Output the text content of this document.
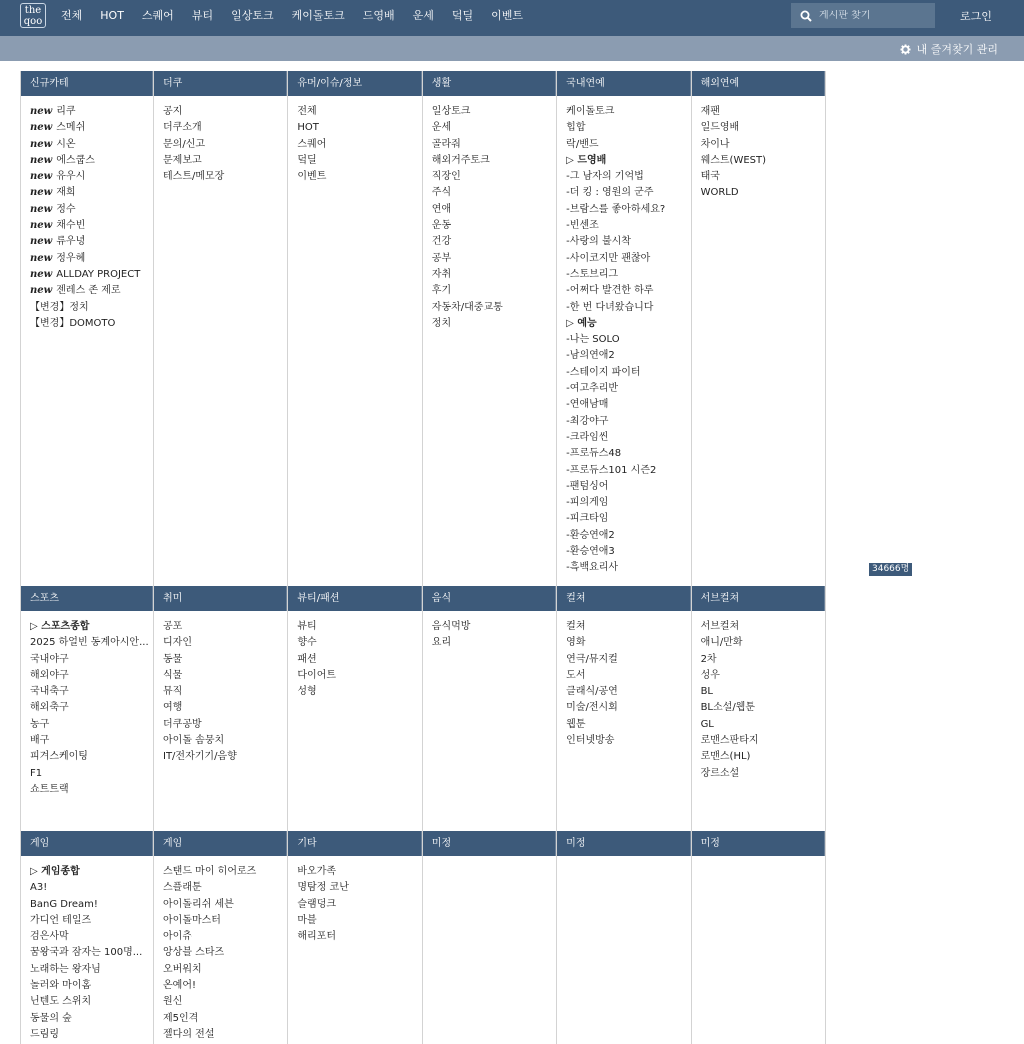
the
qoo	전체	HOT	스퀘어	뷰티	일상토크	케이돌토크	드영배	운세	덬딜	이벤트
게시판 찾기	로그인
내 즐겨찾기 관리
신규카테
new 리쿠
new 스메쉬
new 시온
new 에스쿱스
new 유우시
new 재희
new 정수
new 채수빈
new 류우녕
new 정우혜
new ALLDAY PROJECT
new 젠레스 존 제로
【변경】정치
【변경】DOMOTO
더쿠
공지
더쿠소개
문의/신고
문제보고
테스트/메모장
유머/이슈/정보
전체
HOT
스퀘어
덬딜
이벤트
생활
일상토크
운세
골라줘
해외거주토크
직장인
주식
연애
운동
건강
공부
자취
후기
자동차/대중교통
정치
국내연예
케이돌토크
힙합
락/밴드
▷ 드영배
-그 남자의 기억법
-더 킹 : 영원의 군주
-브람스를 좋아하세요?
-빈센조
-사랑의 불시착
-사이코지만 괜찮아
-스토브리그
-어쩌다 발견한 하루
-한 번 다녀왔습니다
▷ 예능
-나는 SOLO
-남의연애2
-스테이지 파이터
-여고추리반
-연애남매
-최강야구
-크라임씬
-프로듀스48
-프로듀스101 시즌2
-팬텀싱어
-피의게임
-피크타임
-환승연애2
-환승연애3
-흑백요리사
해외연예
재팬
일드영배
차이나
웨스트(WEST)
태국
WORLD
스포츠
▷ 스포츠종합
2025 하얼빈 동계아시안...
국내야구
해외야구
국내축구
해외축구
농구
배구
피겨스케이팅
F1
쇼트트랙
취미
공포
디자인
동물
식물
뮤직
여행
더쿠공방
아이돌 솜뭉치
IT/전자기기/음향
뷰티/패션
뷰티
향수
패션
다이어트
성형
음식
음식먹방
요리
컬쳐
컬쳐
영화
연극/뮤지컬
도서
클래식/공연
미술/전시회
웹툰
인터넷방송
서브컬쳐
서브컬쳐
애니/만화
2차
성우
BL
BL소설/웹툰
GL
로맨스판타지
로맨스(HL)
장르소설
게임
▷ 게임종합
A3!
BanG Dream!
가디언 테일즈
검은사막
꿈왕국과 잠자는 100명...
노래하는 왕자님
놀러와 마이홈
닌텐도 스위치
동물의 숲
드림링
게임
스탠드 마이 히어로즈
스플래툰
아이돌리쉬 세븐
아이돌마스터
아이츄
앙상블 스타즈
오버워치
온예어!
원신
제5인격
젤다의 전설
기타
바오가족
명탐정 코난
슬램덩크
마블
해리포터
미정	미정	미정
34666명
